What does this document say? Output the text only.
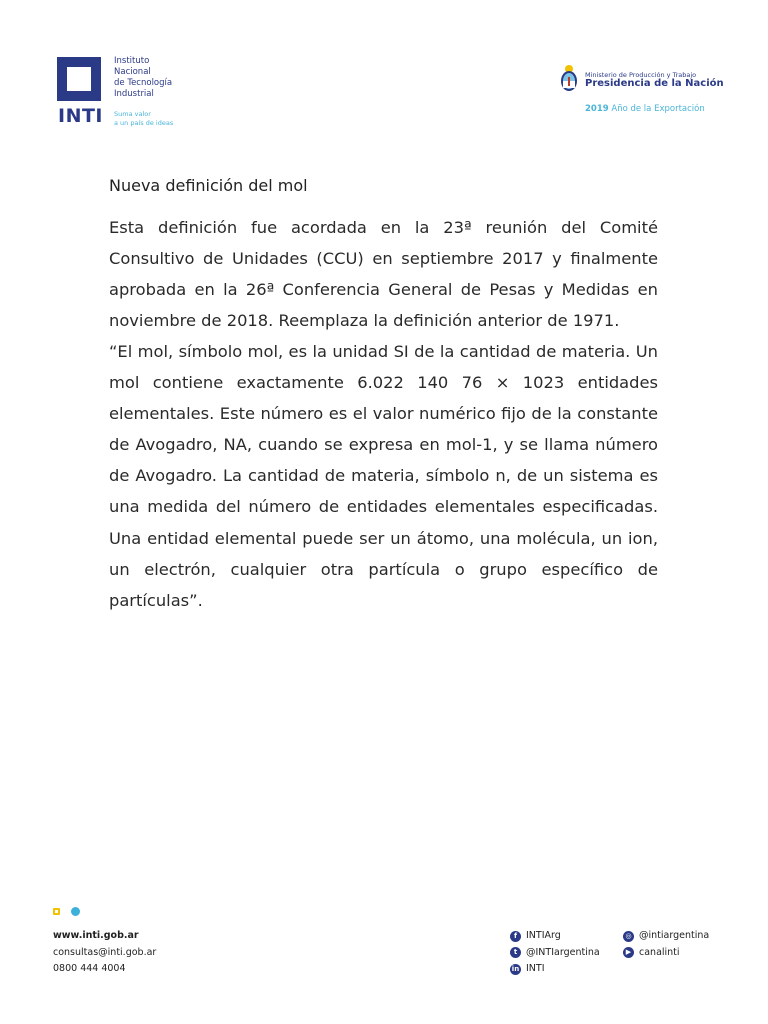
Instituto
Nacional
de Tecnología
Industrial
INTI Suma valor
a un país de ideas
Ministerio de Producción y Trabajo
Presidencia de la Nación
2019 Año de la Exportación
Nueva definición del mol

Esta definición fue acordada en la 23ª reunión del Comité Consultivo de Unidades (CCU) en septiembre 2017 y finalmente aprobada en la 26ª Conferencia General de Pesas y Medidas en noviembre de 2018. Reemplaza la definición anterior de 1971.

“El mol, símbolo mol, es la unidad SI de la cantidad de materia. Un mol contiene exactamente 6.022 140 76 × 1023 entidades elementales. Este número es el valor numérico fijo de la constante de Avogadro, NA, cuando se expresa en mol-1, y se llama número de Avogadro. La cantidad de materia, símbolo n, de un sistema es una medida del número de entidades elementales especificadas. Una entidad elemental puede ser un átomo, una molécula, un ion, un electrón, cualquier otra partícula o grupo específico de partículas”.

www.inti.gob.ar
consultas@inti.gob.ar
0800 444 4004
f INTIArg
t @INTIargentina
in INTI
◎ @intiargentina
▶ canalinti
